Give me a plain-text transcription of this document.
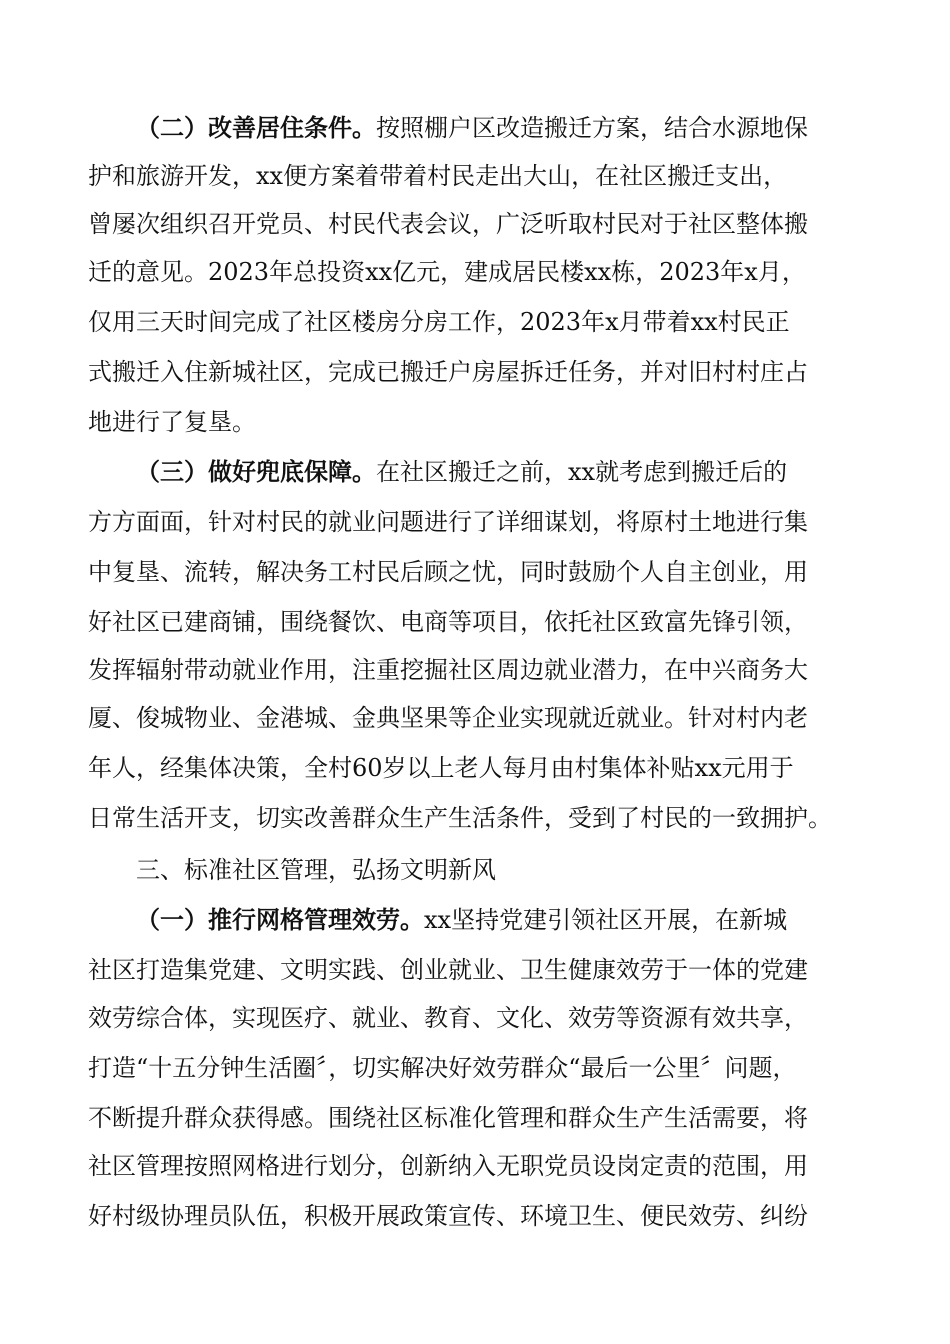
（二）改善居住条件。按照棚户区改造搬迁方案，结合水源地保
护和旅游开发，xx便方案着带着村民走出大山，在社区搬迁支出，
曾屡次组织召开党员、村民代表会议，广泛听取村民对于社区整体搬
迁的意见。2023年总投资xx亿元，建成居民楼xx栋，2023年x月，
仅用三天时间完成了社区楼房分房工作，2023年x月带着xx村民正
式搬迁入住新城社区，完成已搬迁户房屋拆迁任务，并对旧村村庄占
地进行了复垦。
（三）做好兜底保障。在社区搬迁之前，xx就考虑到搬迁后的
方方面面，针对村民的就业问题进行了详细谋划，将原村土地进行集
中复垦、流转，解决务工村民后顾之忧，同时鼓励个人自主创业，用
好社区已建商铺，围绕餐饮、电商等项目，依托社区致富先锋引领，
发挥辐射带动就业作用，注重挖掘社区周边就业潜力，在中兴商务大
厦、俊城物业、金港城、金典坚果等企业实现就近就业。针对村内老
年人，经集体决策，全村60岁以上老人每月由村集体补贴xx元用于
日常生活开支，切实改善群众生产生活条件，受到了村民的一致拥护。
三、标准社区管理，弘扬文明新风
（一）推行网格管理效劳。xx坚持党建引领社区开展，在新城
社区打造集党建、文明实践、创业就业、卫生健康效劳于一体的党建
效劳综合体，实现医疗、就业、教育、文化、效劳等资源有效共享，
打造“十五分钟生活圈〞，切实解决好效劳群众“最后一公里〞问题，
不断提升群众获得感。围绕社区标准化管理和群众生产生活需要，将
社区管理按照网格进行划分，创新纳入无职党员设岗定责的范围，用
好村级协理员队伍，积极开展政策宣传、环境卫生、便民效劳、纠纷
